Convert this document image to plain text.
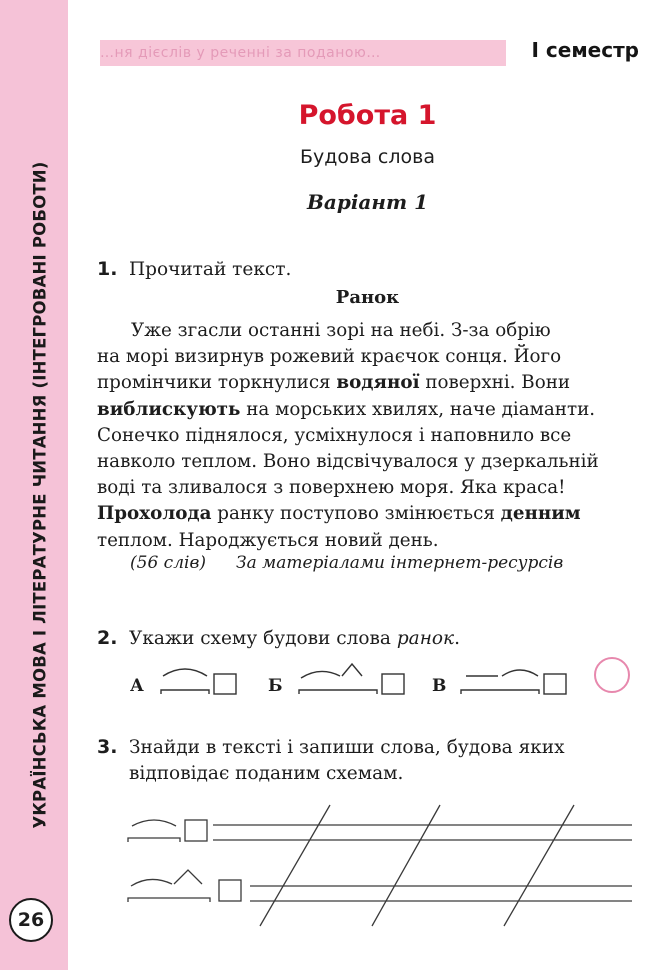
УКРАЇНСЬКА МОВА І ЛІТЕРАТУРНЕ ЧИТАННЯ (ІНТЕГРОВАНІ РОБОТИ)
26
…ня дієслів у реченні за поданою…	І семестр
Робота 1
Будова слова
Варіант 1
1. Прочитай текст.
Ранок
Уже згасли останні зорі на небі. З-за обрію
на морі визирнув рожевий краєчок сонця. Його
промінчики торкнулися водяної поверхні. Вони
виблискують на морських хвилях, наче діаманти.
Сонечко піднялося, усміхнулося і наповнило все
навколо теплом. Воно відсвічувалося у дзеркальній
воді та зливалося з поверхнею моря. Яка краса!
Прохолода ранку поступово змінюється денним
теплом. Народжується новий день.
(56 слів) За матеріалами інтернет-ресурсів
2. Укажи схему будови слова ранок.
А	Б	В
3. Знайди в тексті і запиши слова, будова яких
відповідає поданим схемам.
